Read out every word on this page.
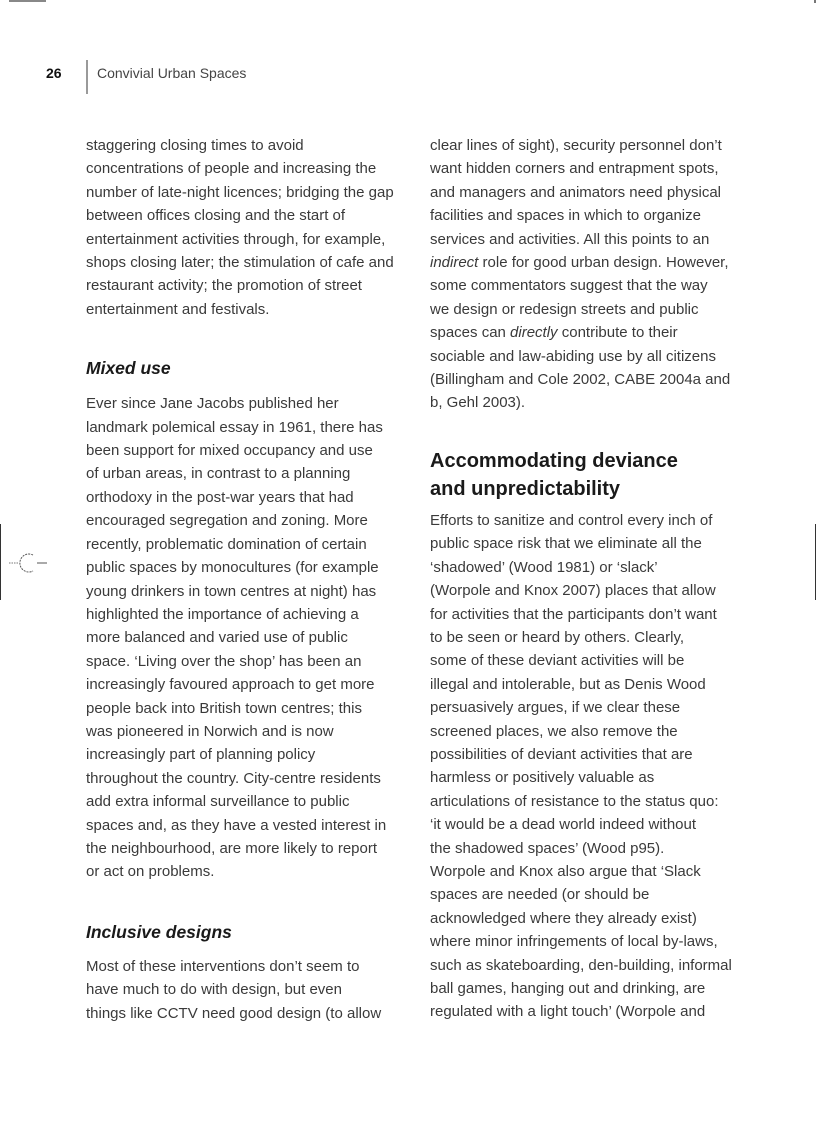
26	Convivial Urban Spaces

staggering closing times to avoid
concentrations of people and increasing the
number of late-night licences; bridging the gap
between offices closing and the start of
entertainment activities through, for example,
shops closing later; the stimulation of cafe and
restaurant activity; the promotion of street
entertainment and festivals.

Mixed use

Ever since Jane Jacobs published her
landmark polemical essay in 1961, there has
been support for mixed occupancy and use
of urban areas, in contrast to a planning
orthodoxy in the post-war years that had
encouraged segregation and zoning. More
recently, problematic domination of certain
public spaces by monocultures (for example
young drinkers in town centres at night) has
highlighted the importance of achieving a
more balanced and varied use of public
space. ‘Living over the shop’ has been an
increasingly favoured approach to get more
people back into British town centres; this
was pioneered in Norwich and is now
increasingly part of planning policy
throughout the country. City-centre residents
add extra informal surveillance to public
spaces and, as they have a vested interest in
the neighbourhood, are more likely to report
or act on problems.

Inclusive designs

Most of these interventions don’t seem to
have much to do with design, but even
things like CCTV need good design (to allow

clear lines of sight), security personnel don’t
want hidden corners and entrapment spots,
and managers and animators need physical
facilities and spaces in which to organize
services and activities. All this points to an
indirect role for good urban design. However,
some commentators suggest that the way
we design or redesign streets and public
spaces can directly contribute to their
sociable and law-abiding use by all citizens
(Billingham and Cole 2002, CABE 2004a and
b, Gehl 2003).

Accommodating deviance
and unpredictability

Efforts to sanitize and control every inch of
public space risk that we eliminate all the
‘shadowed’ (Wood 1981) or ‘slack’
(Worpole and Knox 2007) places that allow
for activities that the participants don’t want
to be seen or heard by others. Clearly,
some of these deviant activities will be
illegal and intolerable, but as Denis Wood
persuasively argues, if we clear these
screened places, we also remove the
possibilities of deviant activities that are
harmless or positively valuable as
articulations of resistance to the status quo:
‘it would be a dead world indeed without
the shadowed spaces’ (Wood p95).
Worpole and Knox also argue that ‘Slack
spaces are needed (or should be
acknowledged where they already exist)
where minor infringements of local by-laws,
such as skateboarding, den-building, informal
ball games, hanging out and drinking, are
regulated with a light touch’ (Worpole and
